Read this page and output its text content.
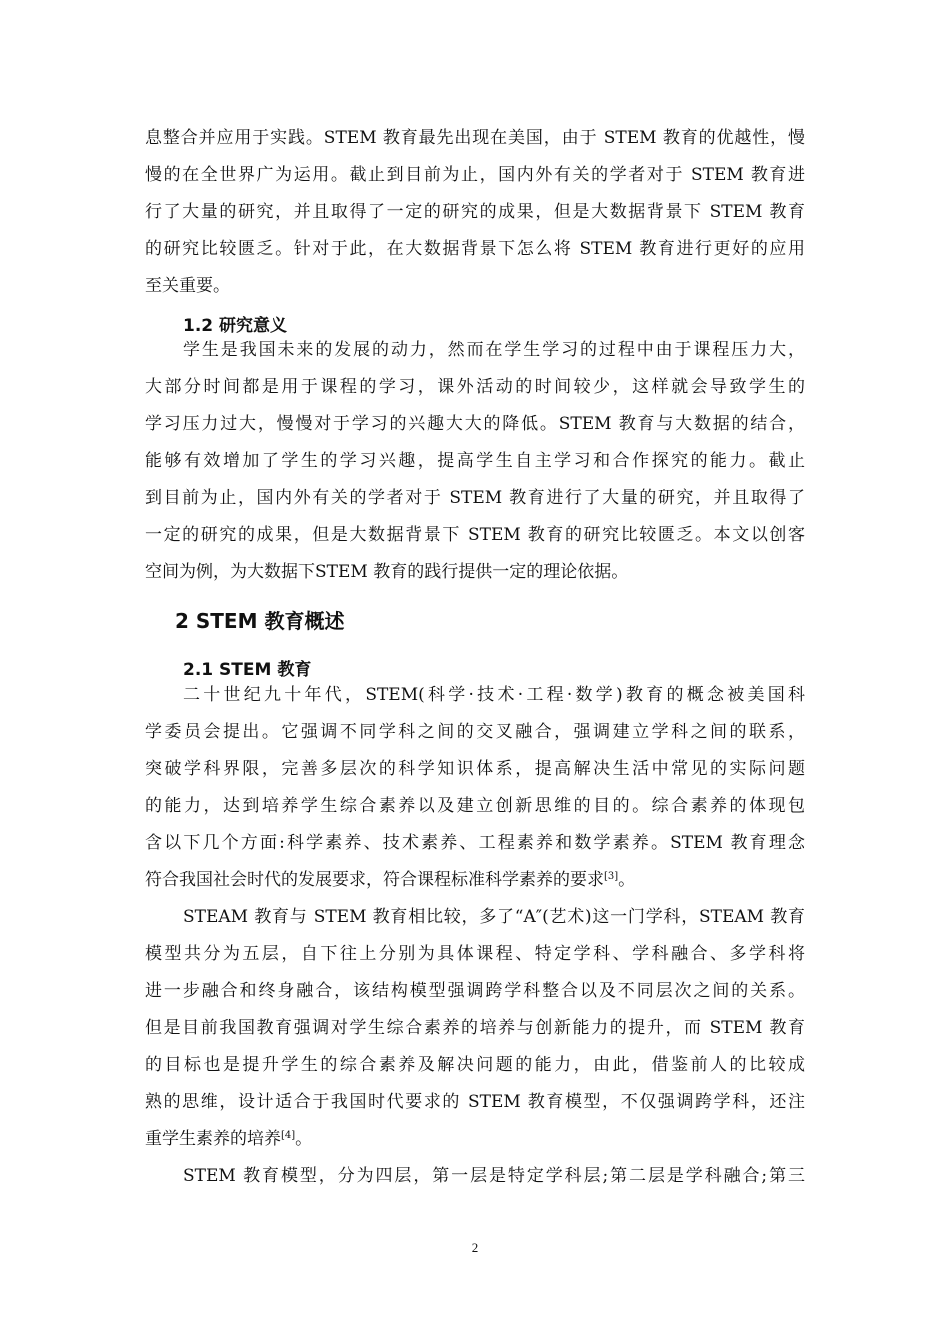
息整合并应用于实践。STEM 教育最先出现在美国，由于 STEM 教育的优越性，慢
慢的在全世界广为运用。截止到目前为止，国内外有关的学者对于 STEM 教育进
行了大量的研究，并且取得了一定的研究的成果，但是大数据背景下 STEM 教育
的研究比较匮乏。针对于此，在大数据背景下怎么将 STEM 教育进行更好的应用
至关重要。
1.2 研究意义
学生是我国未来的发展的动力，然而在学生学习的过程中由于课程压力大，
大部分时间都是用于课程的学习，课外活动的时间较少，这样就会导致学生的
学习压力过大，慢慢对于学习的兴趣大大的降低。STEM 教育与大数据的结合，
能够有效增加了学生的学习兴趣，提高学生自主学习和合作探究的能力。截止
到目前为止，国内外有关的学者对于 STEM 教育进行了大量的研究，并且取得了
一定的研究的成果，但是大数据背景下 STEM 教育的研究比较匮乏。本文以创客
空间为例，为大数据下STEM 教育的践行提供一定的理论依据。
2 STEM 教育概述
2.1 STEM 教育
二十世纪九十年代，STEM(科学·技术·工程·数学)教育的概念被美国科
学委员会提出。它强调不同学科之间的交叉融合，强调建立学科之间的联系，
突破学科界限，完善多层次的科学知识体系，提高解决生活中常见的实际问题
的能力，达到培养学生综合素养以及建立创新思维的目的。综合素养的体现包
含以下几个方面:科学素养、技术素养、工程素养和数学素养。STEM 教育理念
符合我国社会时代的发展要求，符合课程标准科学素养的要求[3]。
STEAM 教育与 STEM 教育相比较，多了“A″(艺术)这一门学科，STEAM 教育
模型共分为五层，自下往上分别为具体课程、特定学科、学科融合、多学科将
进一步融合和终身融合，该结构模型强调跨学科整合以及不同层次之间的关系。
但是目前我国教育强调对学生综合素养的培养与创新能力的提升，而 STEM 教育
的目标也是提升学生的综合素养及解决问题的能力，由此，借鉴前人的比较成
熟的思维，设计适合于我国时代要求的 STEM 教育模型，不仅强调跨学科，还注
重学生素养的培养[4]。
STEM 教育模型，分为四层，第一层是特定学科层;第二层是学科融合;第三
2
